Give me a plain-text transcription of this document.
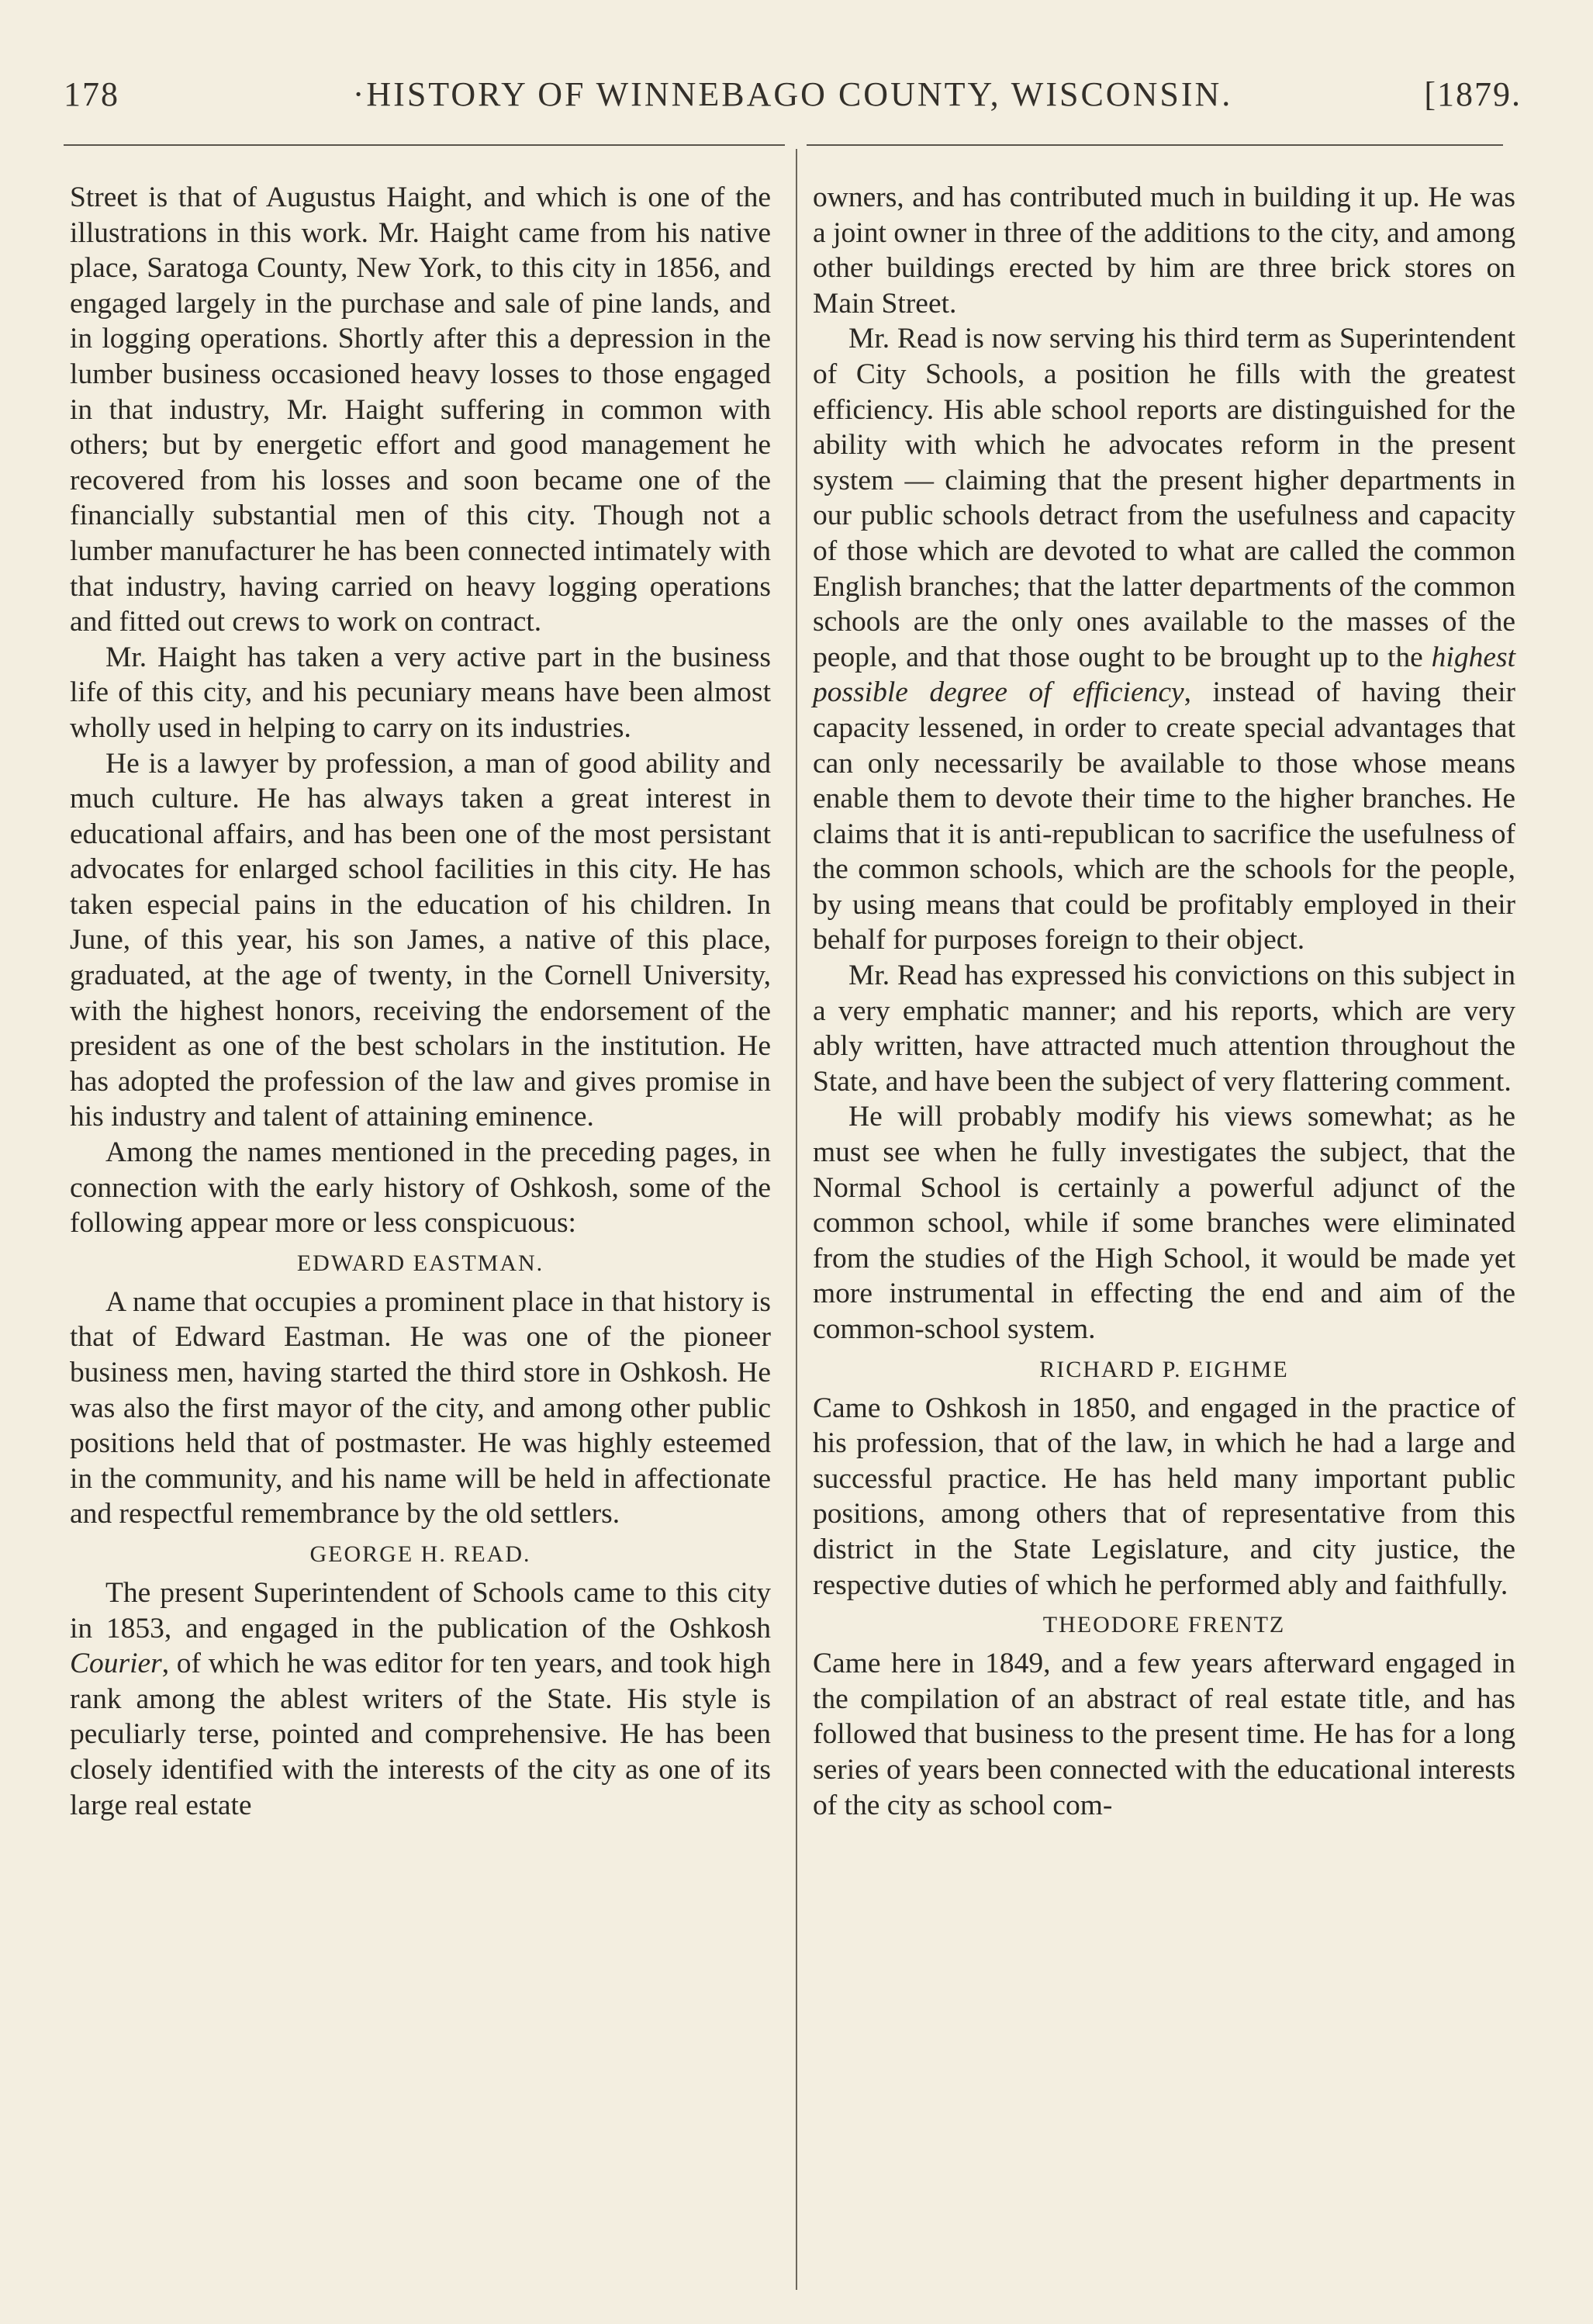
178	·HISTORY OF WINNEBAGO COUNTY, WISCONSIN.	[1879.

Street is that of Augustus Haight, and which is one of the illustrations in this work. Mr. Haight came from his native place, Saratoga County, New York, to this city in 1856, and engaged largely in the purchase and sale of pine lands, and in logging operations. Shortly after this a depression in the lumber business occasioned heavy losses to those engaged in that industry, Mr. Haight suffering in common with others; but by energetic effort and good management he recovered from his losses and soon became one of the financially substantial men of this city. Though not a lumber manufacturer he has been connected intimately with that industry, having carried on heavy logging operations and fitted out crews to work on contract.

Mr. Haight has taken a very active part in the business life of this city, and his pecuniary means have been almost wholly used in helping to carry on its industries.

He is a lawyer by profession, a man of good ability and much culture. He has always taken a great interest in educational affairs, and has been one of the most persistant advocates for enlarged school facilities in this city. He has taken especial pains in the education of his children. In June, of this year, his son James, a native of this place, graduated, at the age of twenty, in the Cornell University, with the highest honors, receiving the endorsement of the president as one of the best scholars in the institution. He has adopted the profession of the law and gives promise in his industry and talent of attaining eminence.

Among the names mentioned in the preceding pages, in connection with the early history of Oshkosh, some of the following appear more or less conspicuous:

EDWARD EASTMAN.

A name that occupies a prominent place in that history is that of Edward Eastman. He was one of the pioneer business men, having started the third store in Oshkosh. He was also the first mayor of the city, and among other public positions held that of postmaster. He was highly esteemed in the community, and his name will be held in affectionate and respectful remembrance by the old settlers.

GEORGE H. READ.

The present Superintendent of Schools came to this city in 1853, and engaged in the publication of the Oshkosh Courier, of which he was editor for ten years, and took high rank among the ablest writers of the State. His style is peculiarly terse, pointed and comprehensive. He has been closely identified with the interests of the city as one of its large real estate

owners, and has contributed much in building it up. He was a joint owner in three of the additions to the city, and among other buildings erected by him are three brick stores on Main Street.

Mr. Read is now serving his third term as Superintendent of City Schools, a position he fills with the greatest efficiency. His able school reports are distinguished for the ability with which he advocates reform in the present system — claiming that the present higher departments in our public schools detract from the usefulness and capacity of those which are devoted to what are called the common English branches; that the latter departments of the common schools are the only ones available to the masses of the people, and that those ought to be brought up to the highest possible degree of efficiency, instead of having their capacity lessened, in order to create special advantages that can only necessarily be available to those whose means enable them to devote their time to the higher branches. He claims that it is anti-republican to sacrifice the usefulness of the common schools, which are the schools for the people, by using means that could be profitably employed in their behalf for purposes foreign to their object.

Mr. Read has expressed his convictions on this subject in a very emphatic manner; and his reports, which are very ably written, have attracted much attention throughout the State, and have been the subject of very flattering comment.

He will probably modify his views somewhat; as he must see when he fully investigates the subject, that the Normal School is certainly a powerful adjunct of the common school, while if some branches were eliminated from the studies of the High School, it would be made yet more instrumental in effecting the end and aim of the common-school system.

RICHARD P. EIGHME

Came to Oshkosh in 1850, and engaged in the practice of his profession, that of the law, in which he had a large and successful practice. He has held many important public positions, among others that of representative from this district in the State Legislature, and city justice, the respective duties of which he performed ably and faithfully.

THEODORE FRENTZ

Came here in 1849, and a few years afterward engaged in the compilation of an abstract of real estate title, and has followed that business to the present time. He has for a long series of years been connected with the educational interests of the city as school com-
